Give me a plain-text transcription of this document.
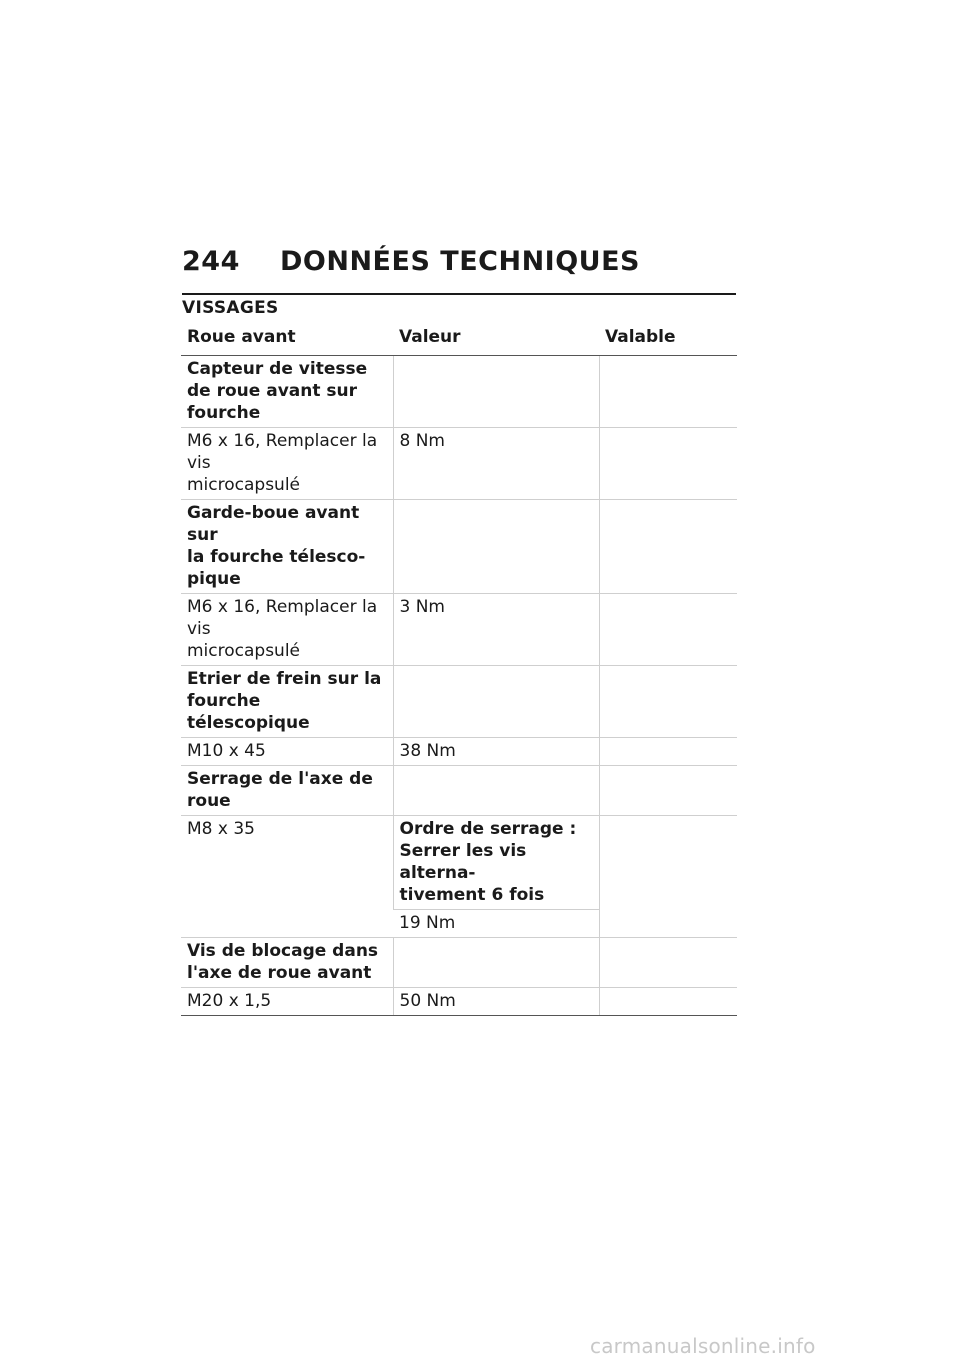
244	DONNÉES TECHNIQUES
VISSAGES
Roue avant	Valeur	Valable
Capteur de vitesse
de roue avant sur
fourche		
M6 x 16, Remplacer la
vis
microcapsulé	8 Nm	
Garde-boue avant sur
la fourche télesco-
pique		
M6 x 16, Remplacer la
vis
microcapsulé	3 Nm	
Etrier de frein sur la
fourche télescopique		
M10 x 45	38 Nm	
Serrage de l'axe de
roue		
M8 x 35	Ordre de serrage :
Serrer les vis alterna-
tivement 6 fois	
	19 Nm	
Vis de blocage dans
l'axe de roue avant		
M20 x 1,5	50 Nm	
carmanualsonline.info
